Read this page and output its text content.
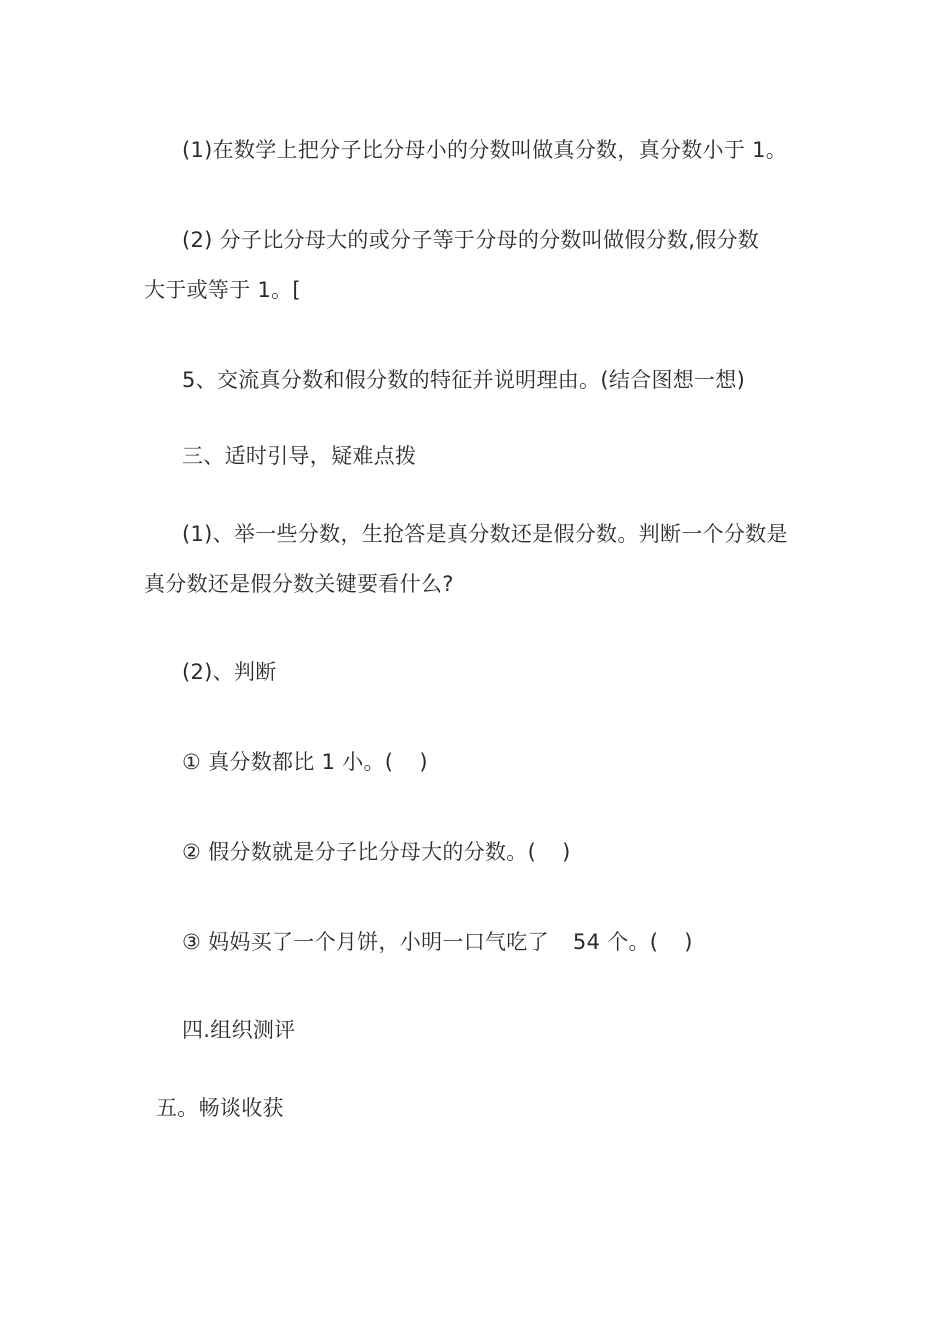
(1)在数学上把分子比分母小的分数叫做真分数，真分数小于 1。
(2) 分子比分母大的或分子等于分母的分数叫做假分数,假分数
大于或等于 1。[
5、交流真分数和假分数的特征并说明理由。(结合图想一想)
三、适时引导，疑难点拨
(1)、举一些分数，生抢答是真分数还是假分数。判断一个分数是
真分数还是假分数关键要看什么?
(2)、判断
① 真分数都比 1 小。( )
② 假分数就是分子比分母大的分数。( )
③ 妈妈买了一个月饼，小明一口气吃了 54 个。( )
四.组织测评
五。畅谈收获
